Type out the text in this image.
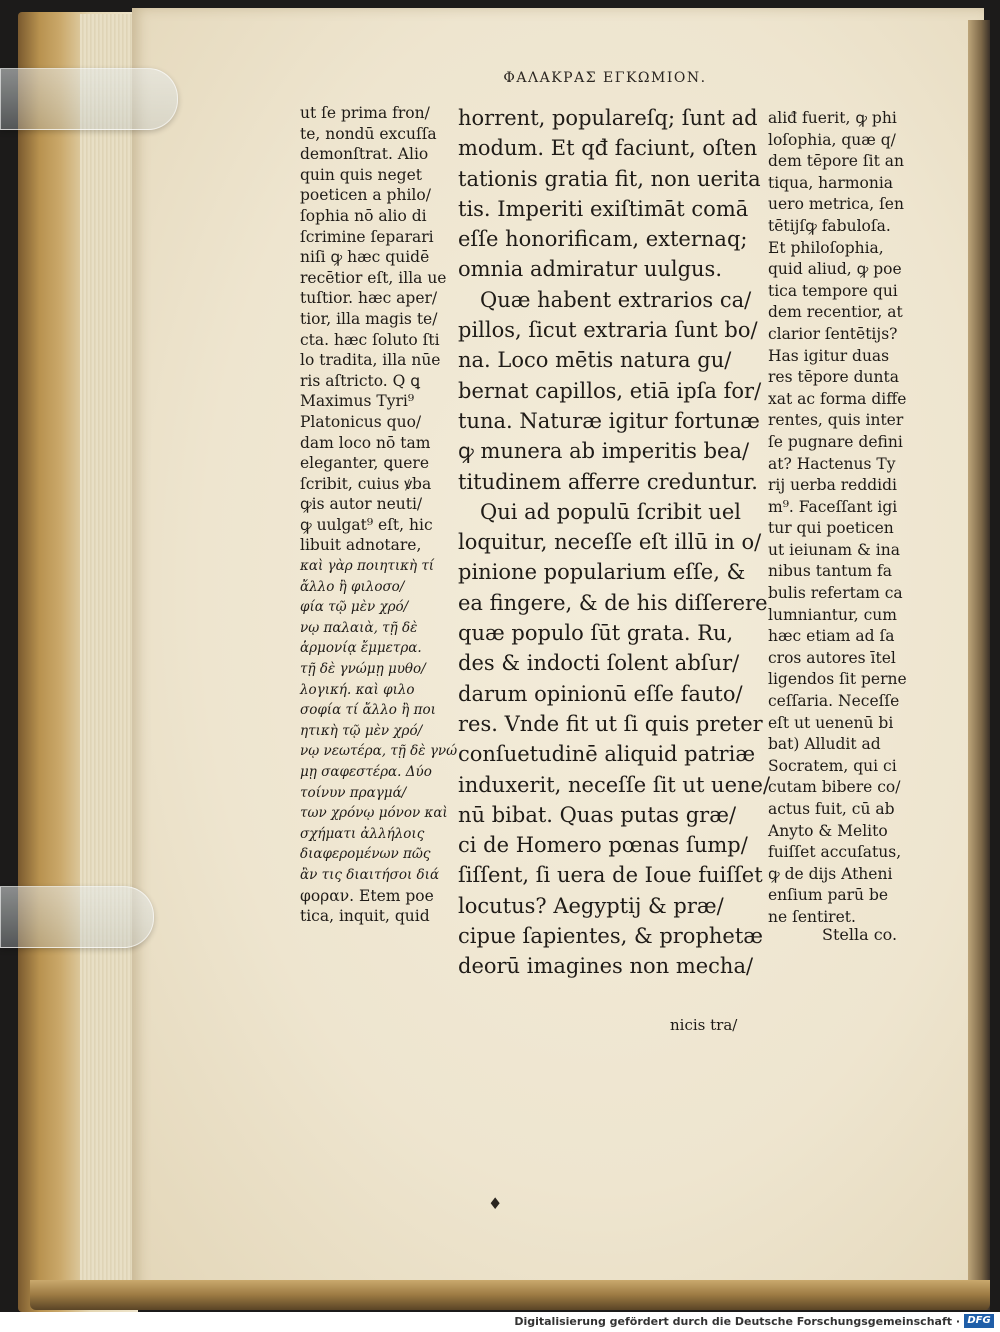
ΦΑΛΑΚΡΑΣ ΕΓΚΩΜΙΟΝ.

ut ſe prima fron/

te, nondū excuſſa

demonſtrat. Alio

quin quis neget

poeticen a philo/

ſophia nō alio di

ſcrimine ſeparari

niſi ꝙ hæc quidē

recētior eſt, illa ue

tuſtior. hæc aper/

tior, illa magis te/

cta. hæc ſoluto ſti

lo tradita, illa nūe

ris aſtricto. Q ꝗ

Maximus Tyri⁹

Platonicus quo/

dam loco nō tam

eleganter, ꝗuere

ſcribit, cuius ꝟba

ꝙis autor neuti/

ꝙ uulgat⁹ eſt, hic

libuit adnotare,

καὶ γὰρ ποιητικὴ τί

ἄλλο ἢ φιλοσο/

φία τῷ μὲν χρό/

νῳ παλαιὰ, τῇ δὲ

ἁρμονίᾳ ἔμμετρα.

τῇ δὲ γνώμῃ μυθο/

λογική. καὶ φιλο

σοφία τί ἄλλο ἢ ποι

ητικὴ τῷ μὲν χρό/

νῳ νεωτέρα, τῇ δὲ γνώ

μῃ σαφεστέρα. Δύο

τοίνυν πραγμά/

των χρόνῳ μόνον καὶ

σχήματι ἀλλήλοις

διαφερομένων πῶς

ἂν τις διαιτήσοι διά

φοραν. Etem poe

tica, inquit, quid

horrent, populareſq; ſunt ad

modum. Et qđ faciunt, oſten

tationis gratia fit, non uerita

tis. Imperiti exiſtimāt comā

eſſe honorificam, externaq;

omnia admiratur uulgus.

Quæ habent extrarios ca/

pillos, ſicut extraria ſunt bo/

na. Loco mētis natura gu/

bernat capillos, etiā ipſa for/

tuna. Naturæ igitur fortunæ

ꝙ munera ab imperitis bea/

titudinem afferre creduntur.

Qui ad populū ſcribit uel

loquitur, neceſſe eſt illū in o/

pinione popularium eſſe, &

ea fingere, & de his diſſerere

quæ populo ſūt grata. Ru,

des & indocti ſolent abſur/

darum opinionū eſſe fauto/

res. Vnde fit ut ſi quis preter

conſuetudinē aliquid patriæ

induxerit, neceſſe ſit ut uene/

nū bibat. Quas putas græ/

ci de Homero pœnas ſump/

ſiſſent, ſi uera de Ioue fuiſſet

locutus? Aegyptij & præ/

cipue ſapientes, & prophetæ

deorū imagines non mecha/

aliđ fuerit, ꝙ phi

loſophia, quæ q/

dem tēpore ſit an

tiqua, harmonia

uero metrica, ſen

tētijſꝙ fabuloſa.

Et philoſophia,

quid aliud, ꝙ poe

tica tempore qui

dem recentior, at

clarior ſentētijs?

Has igitur duas

res tēpore dunta

xat ac forma diffe

rentes, quis inter

ſe pugnare defini

at? Hactenus Ty

rij uerba reddidi

m⁹. Faceſſant igi

tur qui poeticen

ut ieiunam & ina

nibus tantum fa

bulis refertam ca

lumniantur, cum

hæc etiam ad ſa

cros autores ītel

ligendos ſit perne

ceſſaria. Neceſſe

eſt ut uenenū bi

bat) Alludit ad

Socratem, qui ci

cutam bibere co/

actus fuit, cū ab

Anyto & Melito

fuiſſet accuſatus,

ꝙ de dijs Atheni

enſium parū be

ne ſentiret.

nicis tra/
Stella co.
♦
Digitalisierung gefördert durch die Deutsche Forschungsgemeinschaft · DFG
